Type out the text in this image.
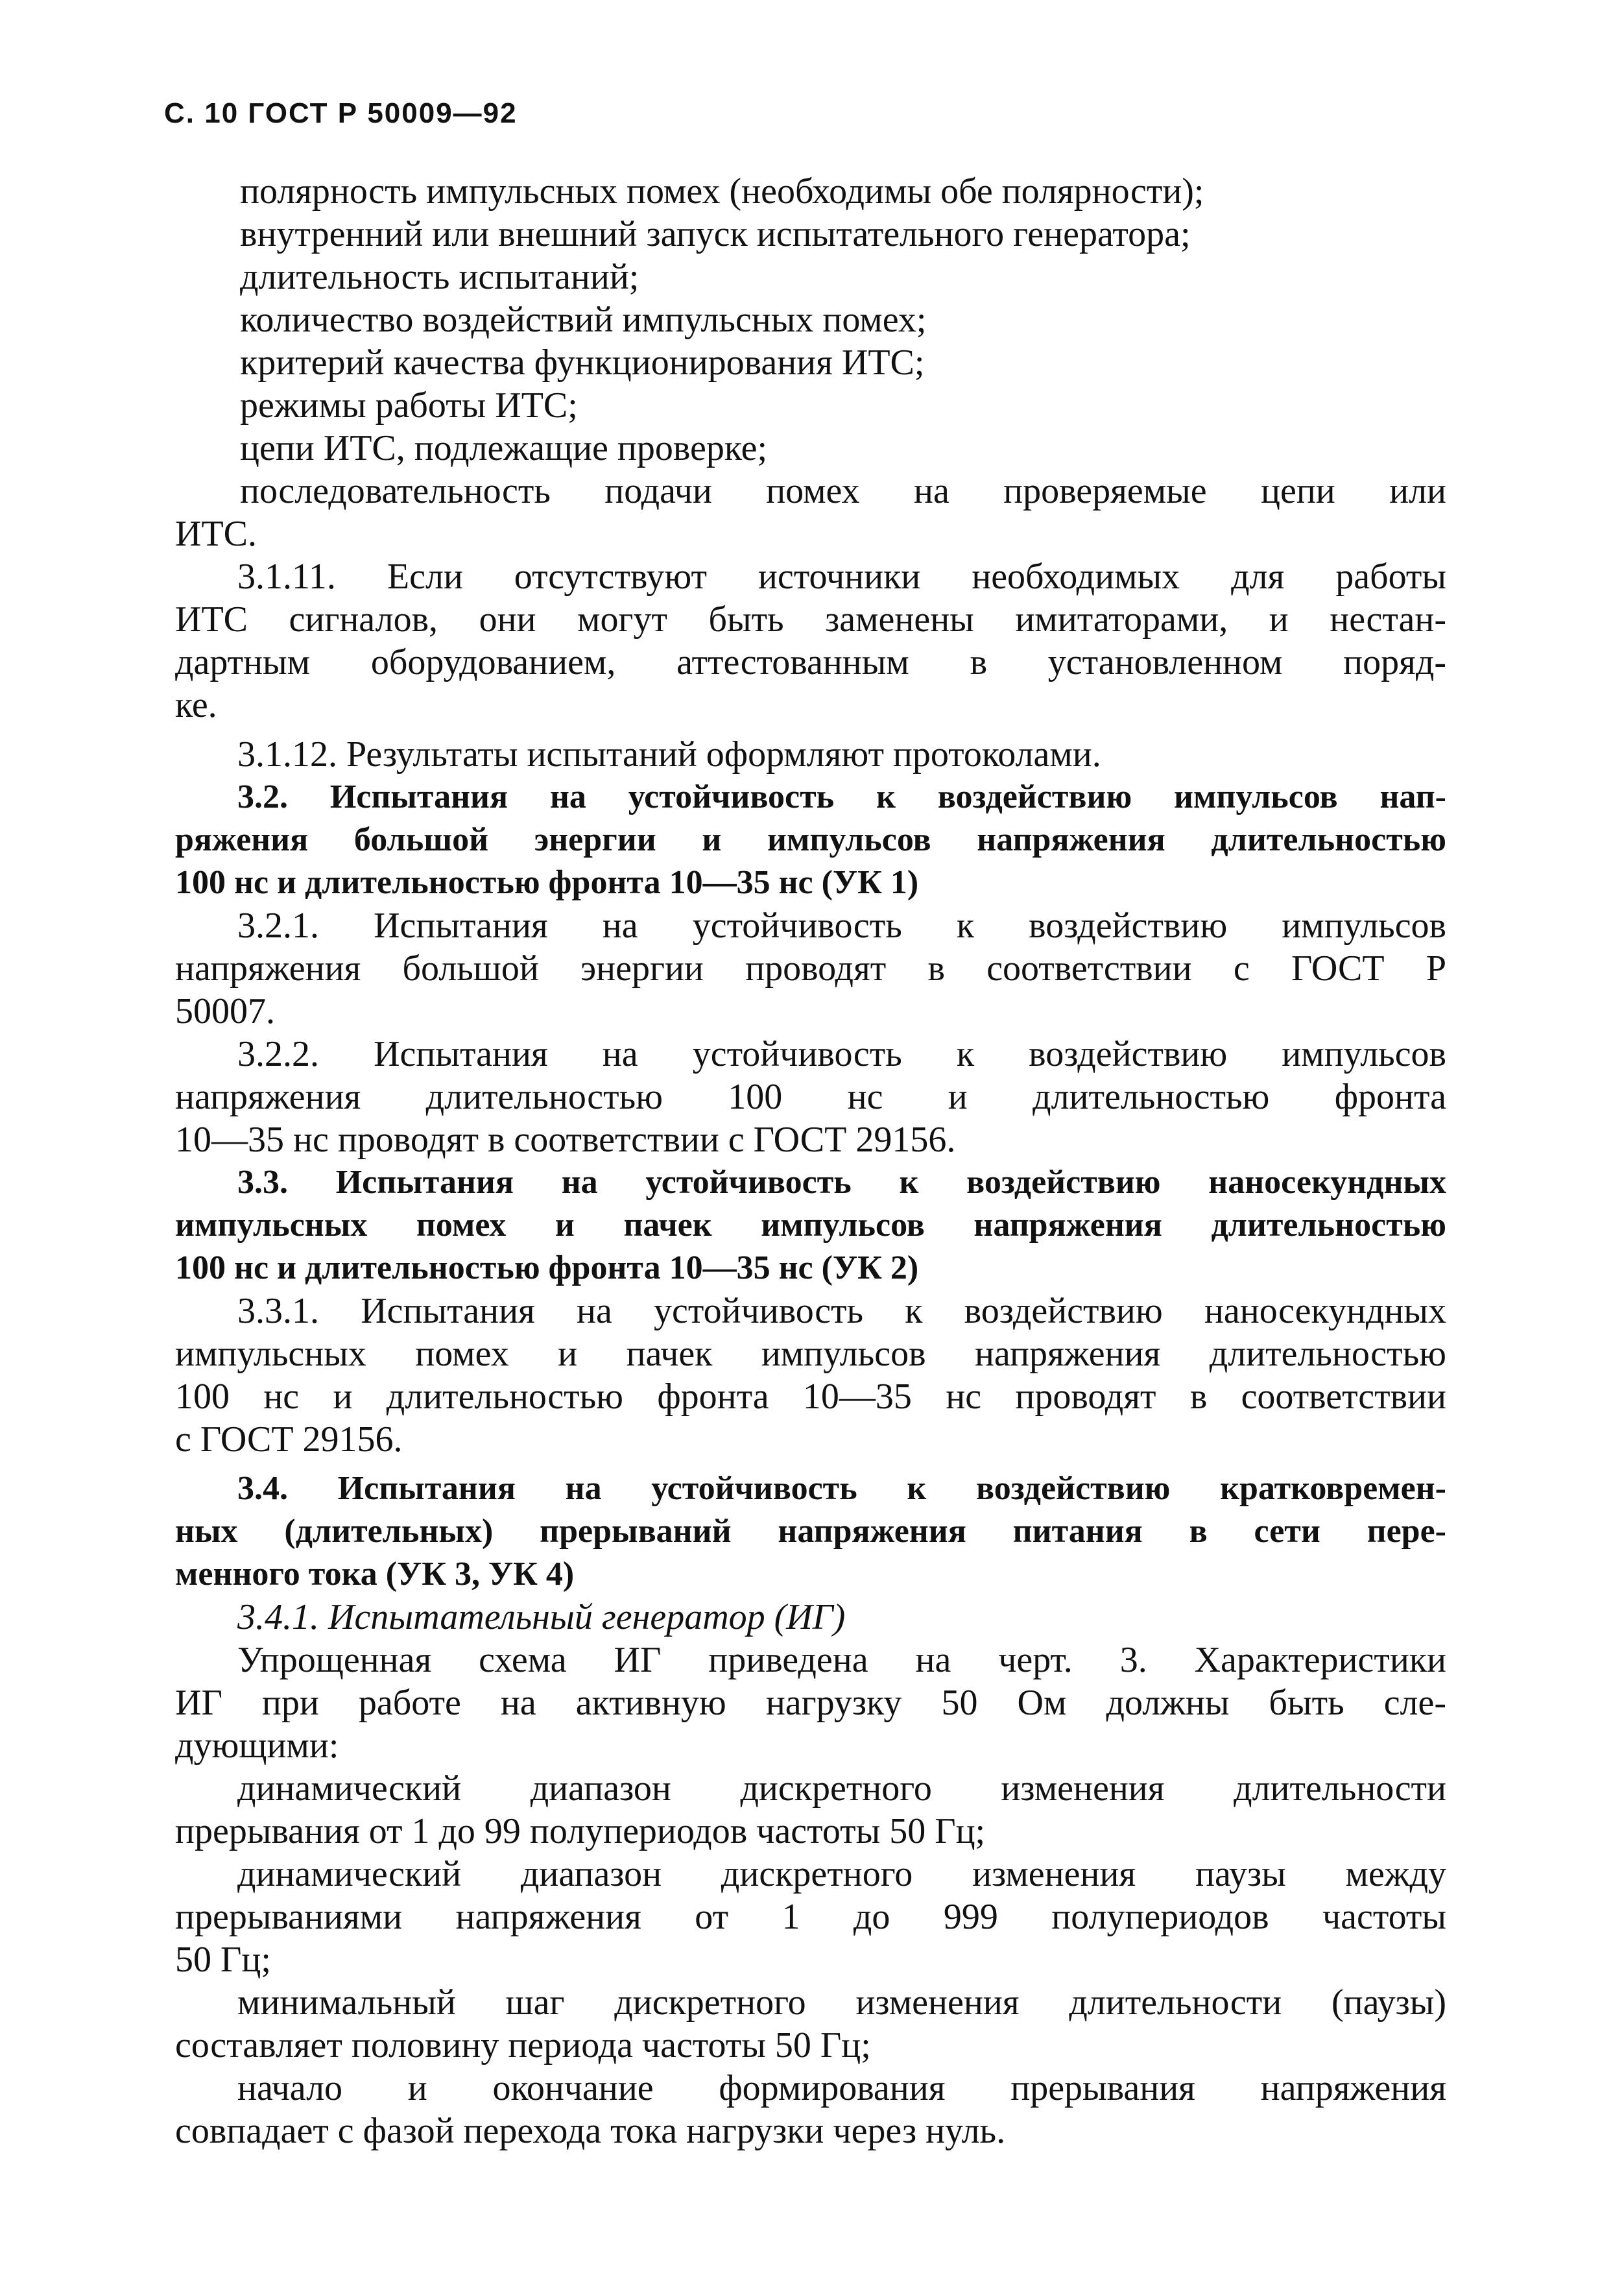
С. 10 ГОСТ Р 50009—92
полярность импульсных помех (необходимы обе полярности);
внутренний или внешний запуск испытательного генератора;
длительность испытаний;
количество воздействий импульсных помех;
критерий качества функционирования ИТС;
режимы работы ИТС;
цепи ИТС, подлежащие проверке;
последовательность подачи помех на проверяемые цепи или
ИТС.
3.1.11. Если отсутствуют источники необходимых для работы
ИТС сигналов, они могут быть заменены имитаторами, и нестан-
дартным оборудованием, аттестованным в установленном поряд-
ке.
3.1.12. Результаты испытаний оформляют протоколами.
3.2. Испытания на устойчивость к воздействию импульсов нап-
ряжения большой энергии и импульсов напряжения длительностью
100 нс и длительностью фронта 10—35 нс (УК 1)
3.2.1. Испытания на устойчивость к воздействию импульсов
напряжения большой энергии проводят в соответствии с ГОСТ Р
50007.
3.2.2. Испытания на устойчивость к воздействию импульсов
напряжения длительностью 100 нс и длительностью фронта
10—35 нс проводят в соответствии с ГОСТ 29156.
3.3. Испытания на устойчивость к воздействию наносекундных
импульсных помех и пачек импульсов напряжения длительностью
100 нс и длительностью фронта 10—35 нс (УК 2)
3.3.1. Испытания на устойчивость к воздействию наносекундных
импульсных помех и пачек импульсов напряжения длительностью
100 нс и длительностью фронта 10—35 нс проводят в соответствии
с ГОСТ 29156.
3.4. Испытания на устойчивость к воздействию кратковремен-
ных (длительных) прерываний напряжения питания в сети пере-
менного тока (УК 3, УК 4)
3.4.1. Испытательный генератор (ИГ)
Упрощенная схема ИГ приведена на черт. 3. Характеристики
ИГ при работе на активную нагрузку 50 Ом должны быть сле-
дующими:
динамический диапазон дискретного изменения длительности
прерывания от 1 до 99 полупериодов частоты 50 Гц;
динамический диапазон дискретного изменения паузы между
прерываниями напряжения от 1 до 999 полупериодов частоты
50 Гц;
минимальный шаг дискретного изменения длительности (паузы)
составляет половину периода частоты 50 Гц;
начало и окончание формирования прерывания напряжения
совпадает с фазой перехода тока нагрузки через нуль.
